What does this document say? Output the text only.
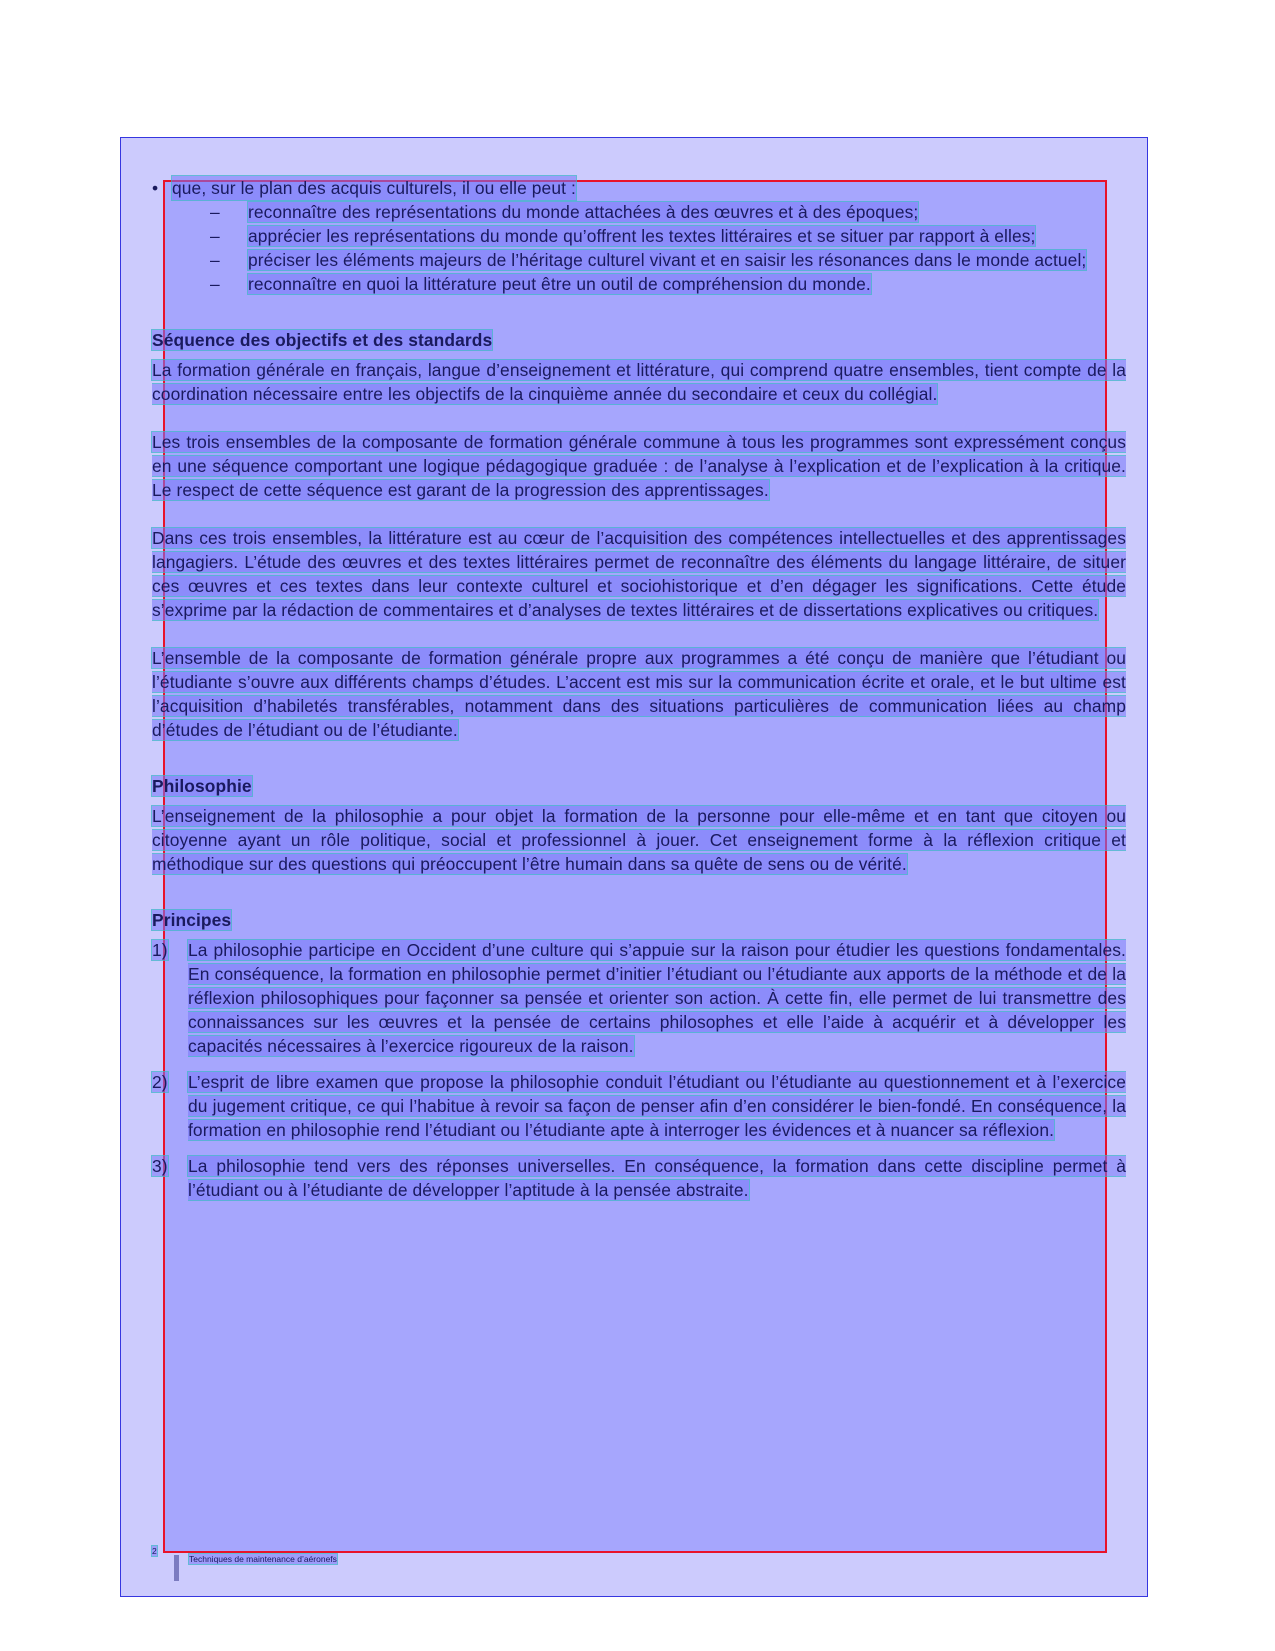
• que, sur le plan des acquis culturels, il ou elle peut :
–	reconnaître des représentations du monde attachées à des œuvres et à des époques;
–	apprécier les représentations du monde qu’offrent les textes littéraires et se situer par rapport à elles;
–	préciser les éléments majeurs de l’héritage culturel vivant et en saisir les résonances dans le monde actuel;
–	reconnaître en quoi la littérature peut être un outil de compréhension du monde.
Séquence des objectifs et des standards

La formation générale en français, langue d’enseignement et littérature, qui comprend quatre ensembles, tient compte de la coordination nécessaire entre les objectifs de la cinquième année du secondaire et ceux du collégial.

Les trois ensembles de la composante de formation générale commune à tous les programmes sont expressément conçus en une séquence comportant une logique pédagogique graduée : de l’analyse à l’explication et de l’explication à la critique. Le respect de cette séquence est garant de la progression des apprentissages.

Dans ces trois ensembles, la littérature est au cœur de l’acquisition des compétences intellectuelles et des apprentissages langagiers. L’étude des œuvres et des textes littéraires permet de reconnaître des éléments du langage littéraire, de situer ces œuvres et ces textes dans leur contexte culturel et sociohistorique et d’en dégager les significations. Cette étude s’exprime par la rédaction de commentaires et d’analyses de textes littéraires et de dissertations explicatives ou critiques.

L’ensemble de la composante de formation générale propre aux programmes a été conçu de manière que l’étudiant ou l’étudiante s’ouvre aux différents champs d’études. L’accent est mis sur la communication écrite et orale, et le but ultime est l’acquisition d’habiletés transférables, notamment dans des situations particulières de communication liées au champ d’études de l’étudiant ou de l’étudiante.

Philosophie

L’enseignement de la philosophie a pour objet la formation de la personne pour elle-même et en tant que citoyen ou citoyenne ayant un rôle politique, social et professionnel à jouer. Cet enseignement forme à la réflexion critique et méthodique sur des questions qui préoccupent l’être humain dans sa quête de sens ou de vérité.

Principes
1)	La philosophie participe en Occident d’une culture qui s’appuie sur la raison pour étudier les questions fondamentales. En conséquence, la formation en philosophie permet d’initier l’étudiant ou l’étudiante aux apports de la méthode et de la réflexion philosophiques pour façonner sa pensée et orienter son action. À cette fin, elle permet de lui transmettre des connaissances sur les œuvres et la pensée de certains philosophes et elle l’aide à acquérir et à développer les capacités nécessaires à l’exercice rigoureux de la raison.
2)	L’esprit de libre examen que propose la philosophie conduit l’étudiant ou l’étudiante au questionnement et à l’exercice du jugement critique, ce qui l’habitue à revoir sa façon de penser afin d’en considérer le bien-fondé. En conséquence, la formation en philosophie rend l’étudiant ou l’étudiante apte à interroger les évidences et à nuancer sa réflexion.
3)	La philosophie tend vers des réponses universelles. En conséquence, la formation dans cette discipline permet à l’étudiant ou à l’étudiante de développer l’aptitude à la pensée abstraite.
2
Techniques de maintenance d’aéronefs
